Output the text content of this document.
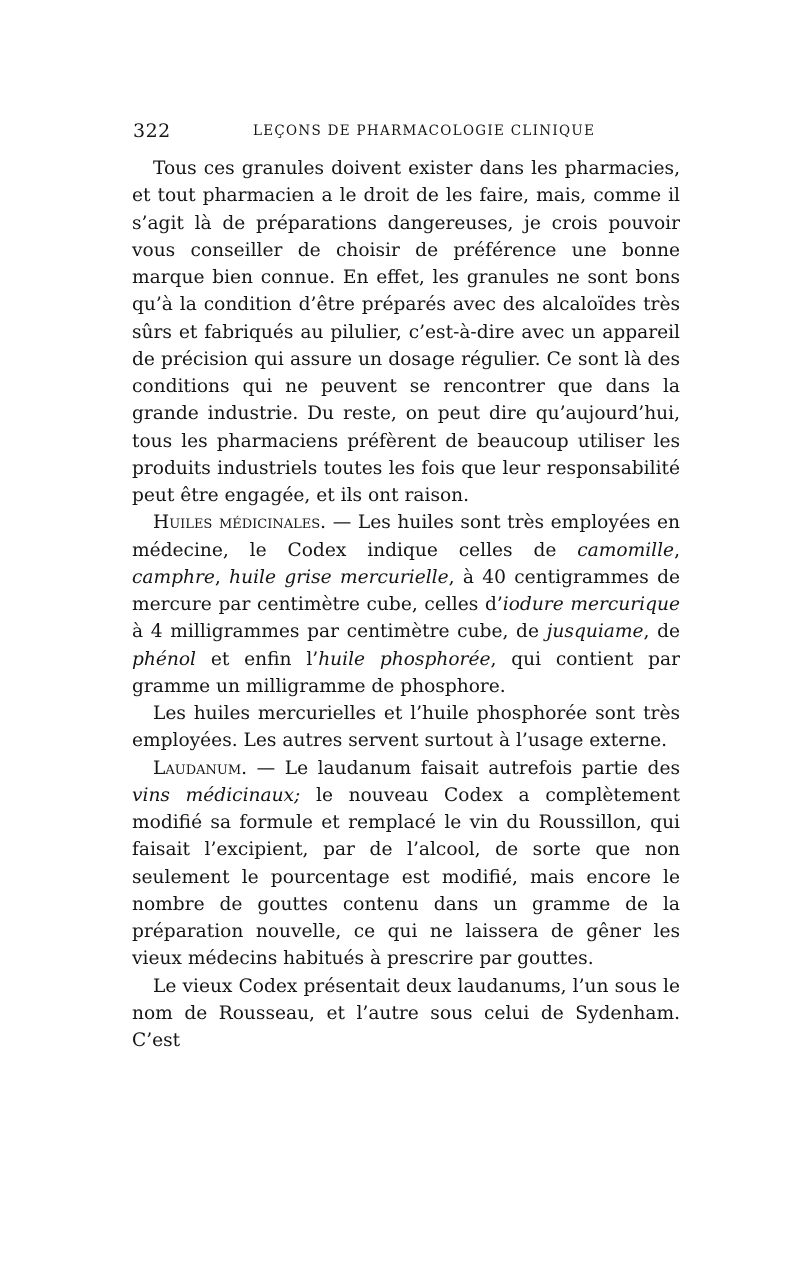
322	LEÇONS DE PHARMACOLOGIE CLINIQUE

Tous ces granules doivent exister dans les pharmacies, et tout pharmacien a le droit de les faire, mais, comme il s’agit là de préparations dangereuses, je crois pouvoir vous conseiller de choisir de préférence une bonne marque bien connue. En effet, les granules ne sont bons qu’à la condition d’être préparés avec des alcaloïdes très sûrs et fabriqués au pilulier, c’est-à-dire avec un appareil de précision qui assure un dosage régulier. Ce sont là des conditions qui ne peuvent se rencontrer que dans la grande industrie. Du reste, on peut dire qu’aujourd’hui, tous les pharmaciens préfèrent de beaucoup utiliser les produits industriels toutes les fois que leur responsabilité peut être engagée, et ils ont raison.

Huiles médicinales. — Les huiles sont très employées en médecine, le Codex indique celles de camomille, camphre, huile grise mercurielle, à 40 centigrammes de mercure par centimètre cube, celles d’iodure mercurique à 4 milligrammes par centimètre cube, de jusquiame, de phénol et enfin l’huile phosphorée, qui contient par gramme un milligramme de phosphore.

Les huiles mercurielles et l’huile phosphorée sont très employées. Les autres servent surtout à l’usage externe.

Laudanum. — Le laudanum faisait autrefois partie des vins médicinaux; le nouveau Codex a complètement modifié sa formule et remplacé le vin du Roussillon, qui faisait l’excipient, par de l’alcool, de sorte que non seulement le pourcentage est modifié, mais encore le nombre de gouttes contenu dans un gramme de la préparation nouvelle, ce qui ne laissera de gêner les vieux médecins habitués à prescrire par gouttes.

Le vieux Codex présentait deux laudanums, l’un sous le nom de Rousseau, et l’autre sous celui de Sydenham. C’est
